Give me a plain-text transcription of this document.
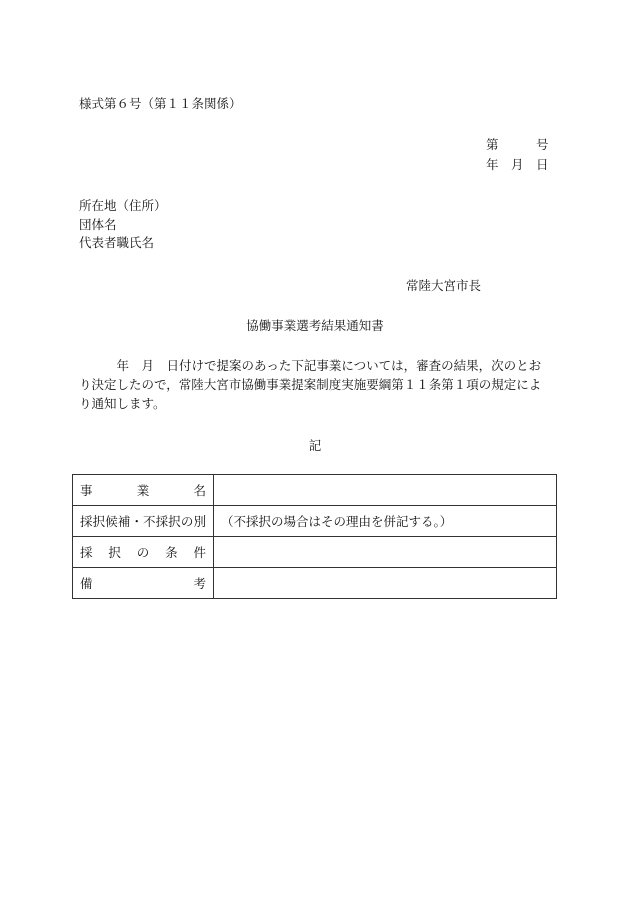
様式第６号（第１１条関係）
第　　　号
年　月　日
所在地（住所）
団体名
代表者職氏名
常陸大宮市長
協働事業選考結果通知書

　　　年　月　日付けで提案のあった下記事業については，審査の結果，次のとおり決定したので，常陸大宮市協働事業提案制度実施要綱第１１条第１項の規定により通知します。

記
事業名	
採択候補・不採択の別	（不採択の場合はその理由を併記する。）
採択の条件	
備考	
